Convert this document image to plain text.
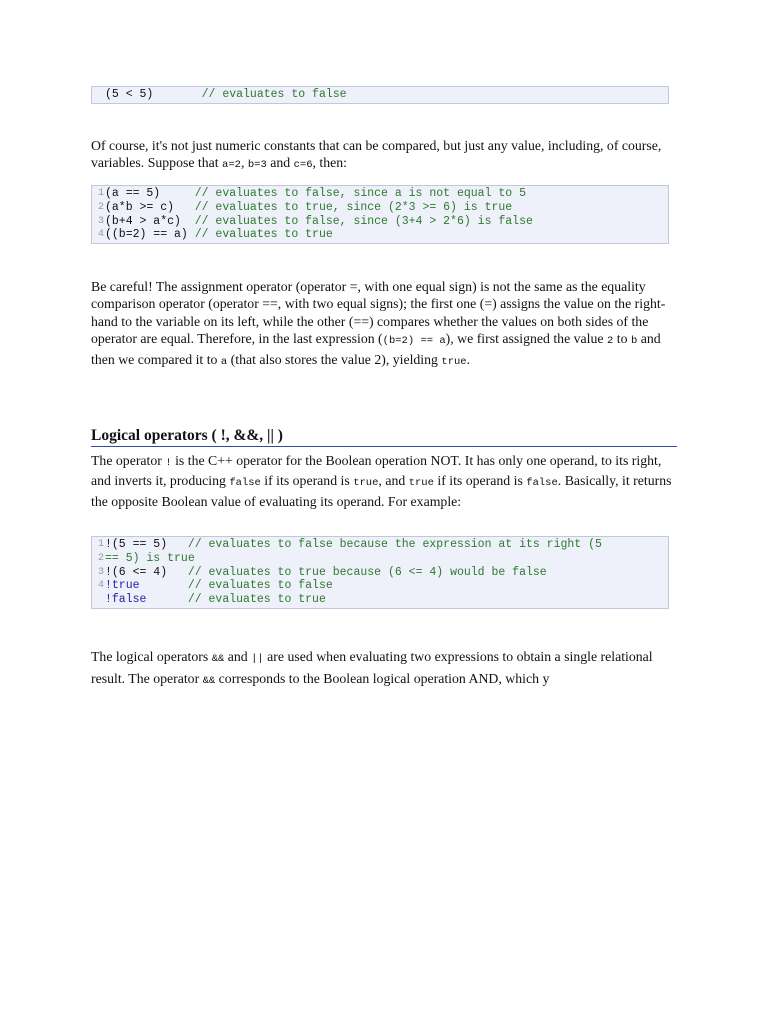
(5 < 5) // evaluates to false

Of course, it's not just numeric constants that can be compared, but just any value, including, of course, variables. Suppose that a=2, b=3 and c=6, then:

1 (a == 5) // evaluates to false, since a is not equal to 5
2 (a*b >= c) // evaluates to true, since (2*3 >= 6) is true
3 (b+4 > a*c) // evaluates to false, since (3+4 > 2*6) is false
4 ((b=2) == a) // evaluates to true

Be careful! The assignment operator (operator =, with one equal sign) is not the same as the equality comparison operator (operator ==, with two equal signs); the first one (=) assigns the value on the right-hand to the variable on its left, while the other (==) compares whether the values on both sides of the operator are equal. Therefore, in the last expression ((b=2) == a), we first assigned the value 2 to b and then we compared it to a (that also stores the value 2), yielding true.

Logical operators ( !, &&, || )

The operator ! is the C++ operator for the Boolean operation NOT. It has only one operand, to its right, and inverts it, producing false if its operand is true, and true if its operand is false. Basically, it returns the opposite Boolean value of evaluating its operand. For example:

1 !(5 == 5) // evaluates to false because the expression at its right (5
2 == 5) is true
3 !(6 <= 4) // evaluates to true because (6 <= 4) would be false
4 !true // evaluates to false
!false // evaluates to true

The logical operators && and || are used when evaluating two expressions to obtain a single relational result. The operator && corresponds to the Boolean logical operation AND, which y
